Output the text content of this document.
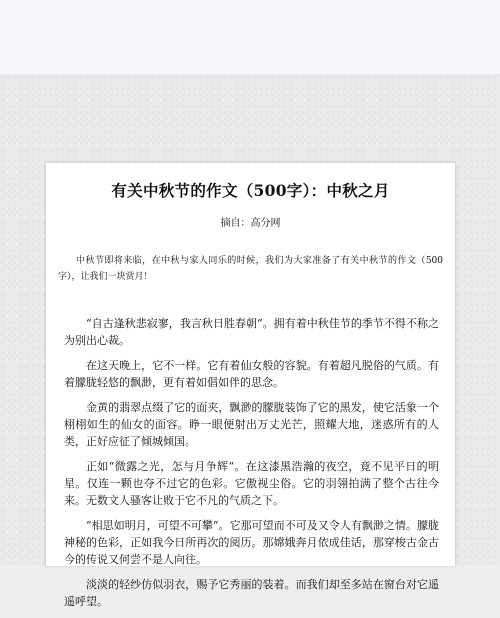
有关中秋节的作文（500字）：中秋之月
摘自：高分网

中秋节即将来临，在中秋与家人同乐的时候，我们为大家准备了有关中秋节的作文（500字），让我们一块赏月！

“自古逢秋悲寂寥，我言秋日胜春朝“。拥有着中秋佳节的季节不得不称之为别出心裁。

在这天晚上，它不一样。它有着仙女般的容貌。有着超凡脱俗的气质。有着朦胧轻悠的飘渺，更有着如倡如伴的思念。

金黄的翡翠点缀了它的面夹，飘渺的朦胧装饰了它的黑发，使它活象一个栩栩如生的仙女的面容。睁一眼便射出万丈光芒，照耀大地，迷惑所有的人类，正好应征了倾城倾国。

正如“微露之光，怎与月争辉“。在这漆黑浩瀚的夜空，竟不见平日的明星。仅连一颗也夺不过它的色彩。它傲视尘俗。它的羽翎拍满了整个古往今来。无数文人骚客让败于它不凡的气质之下。

“相思如明月，可望不可攀“。它那可望而不可及又令人有飘渺之情。朦胧神秘的色彩，正如我今日所再次的阅历。那嫦娥奔月依成佳话，那穿梭古金古今的传说又何尝不是人向往。

淡淡的轻纱仿似羽衣，赐予它秀丽的装着。而我们却至多站在窗台对它遥遥呼望。
